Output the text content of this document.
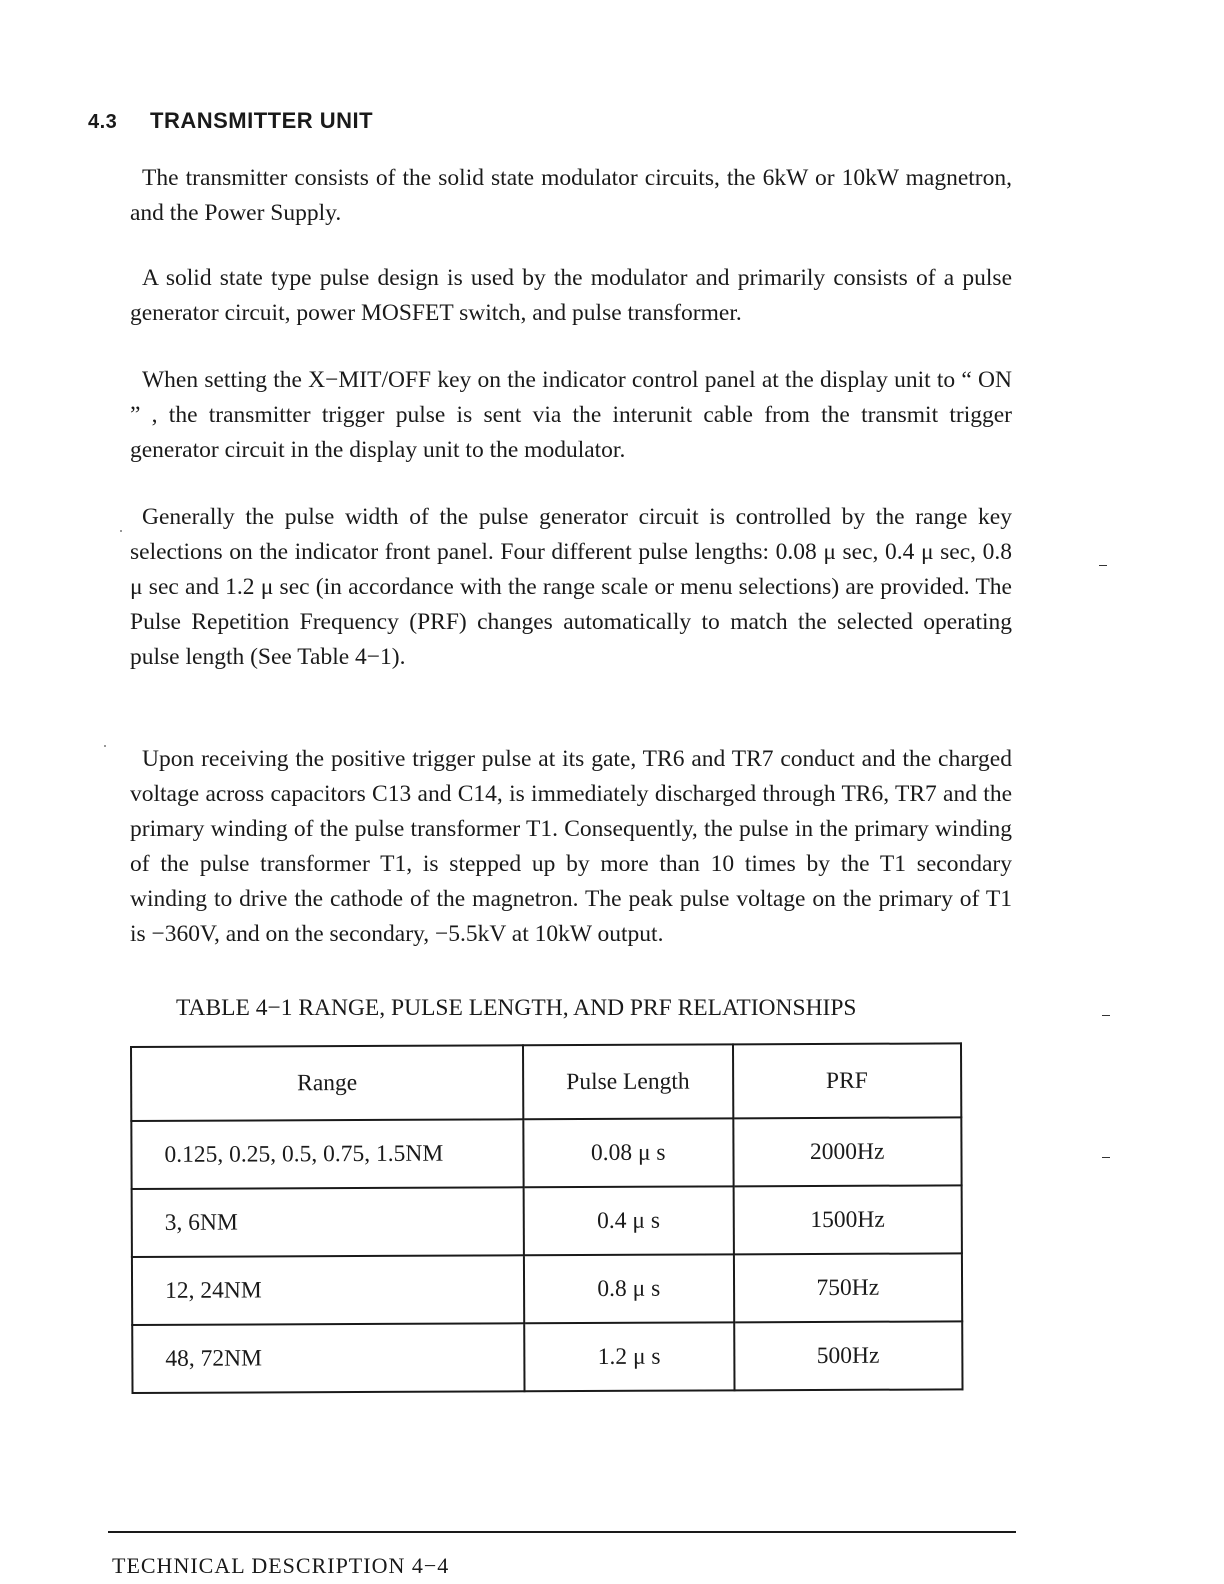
4.3 TRANSMITTER UNIT

The transmitter consists of the solid state modulator circuits, the 6kW or 10kW magnetron, and the Power Supply.

A solid state type pulse design is used by the modulator and primarily consists of a pulse generator circuit, power MOSFET switch, and pulse transformer.

When setting the X−MIT/OFF key on the indicator control panel at the display unit to “ ON ” , the transmitter trigger pulse is sent via the interunit cable from the transmit trigger generator circuit in the display unit to the modulator.

Generally the pulse width of the pulse generator circuit is controlled by the range key selections on the indicator front panel. Four different pulse lengths: 0.08 μ sec, 0.4 μ sec, 0.8 μ sec and 1.2 μ sec (in accordance with the range scale or menu selections) are provided. The Pulse Repetition Frequency (PRF) changes automatically to match the selected operating pulse length (See Table 4−1).

Upon receiving the positive trigger pulse at its gate, TR6 and TR7 conduct and the charged voltage across capacitors C13 and C14, is immediately discharged through TR6, TR7 and the primary winding of the pulse transformer T1. Consequently, the pulse in the primary winding of the pulse transformer T1, is stepped up by more than 10 times by the T1 secondary winding to drive the cathode of the magnetron. The peak pulse voltage on the primary of T1 is −360V, and on the secondary, −5.5kV at 10kW output.

TABLE 4−1 RANGE, PULSE LENGTH, AND PRF RELATIONSHIPS
Range	Pulse Length	PRF
0.125, 0.25, 0.5, 0.75, 1.5NM	0.08 μ s	2000Hz
3, 6NM	0.4 μ s	1500Hz
12, 24NM	0.8 μ s	750Hz
48, 72NM	1.2 μ s	500Hz
TECHNICAL DESCRIPTION 4−4
